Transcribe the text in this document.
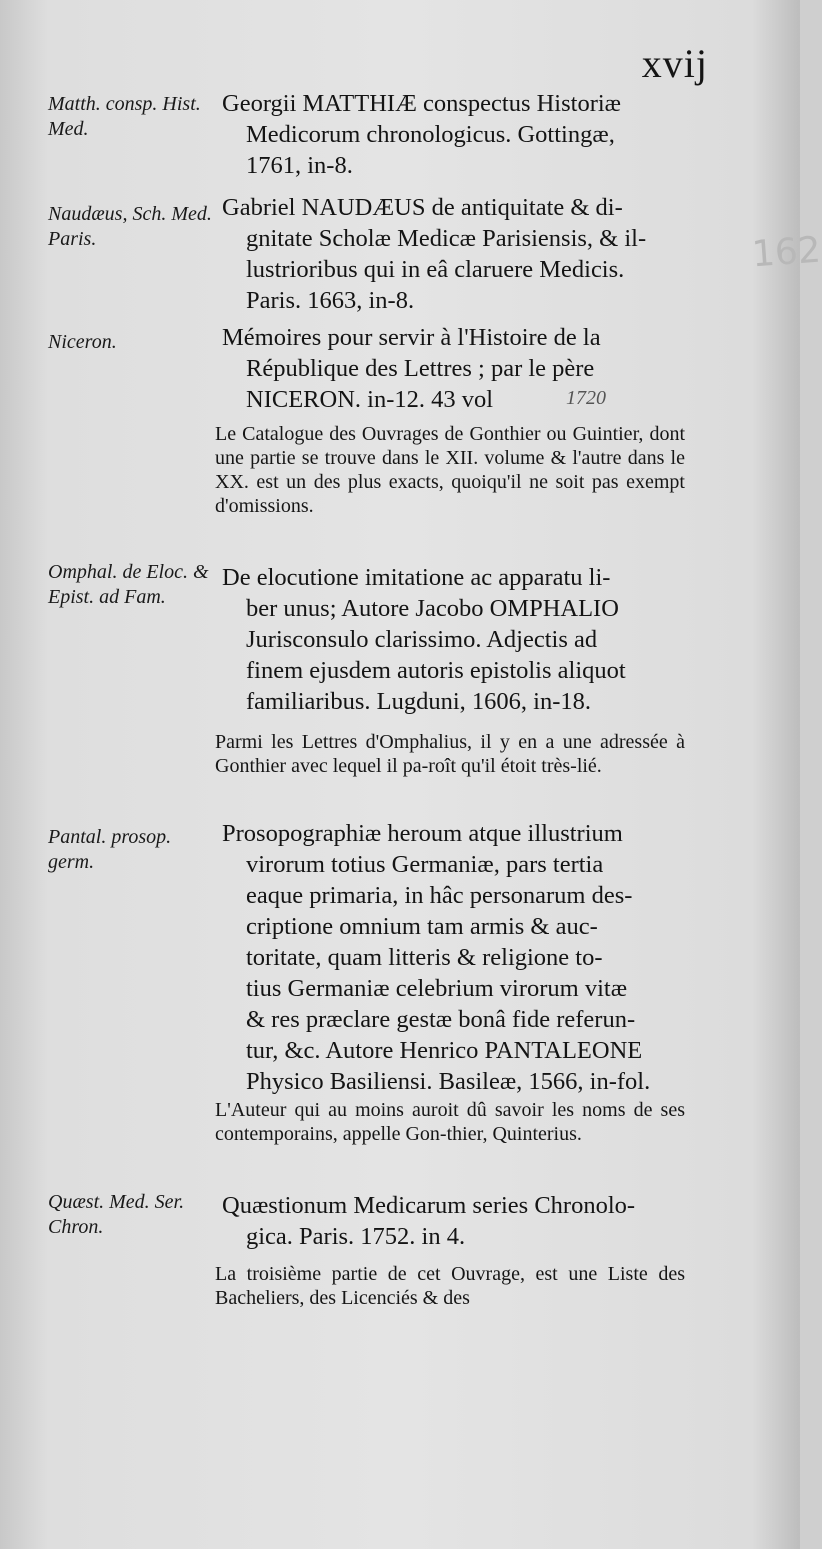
xvij
162
Matth. consp. Hist. Med.
Georgii MATTHIÆ conspectus Historiæ
Medicorum chronologicus. Gottingæ,
1761, in-8.
Naudæus, Sch. Med. Paris.
Gabriel NAUDÆUS de antiquitate & di-
gnitate Scholæ Medicæ Parisiensis, & il-
lustrioribus qui in eâ claruere Medicis.
Paris. 1663, in-8.
Niceron.	Mémoires pour servir à l'Histoire de la
République des Lettres ; par le père
NICERON. in-12. 43 vol	1720
Le Catalogue des Ouvrages de Gonthier ou Guintier, dont une partie se trouve dans le XII. volume & l'autre dans le XX. est un des plus exacts, quoiqu'il ne soit pas exempt d'omissions.
Omphal. de Eloc. & Epist. ad Fam.
De elocutione imitatione ac apparatu li-
ber unus; Autore Jacobo OMPHALIO
Jurisconsulo clarissimo. Adjectis ad
finem ejusdem autoris epistolis aliquot
familiaribus. Lugduni, 1606, in-18.
Parmi les Lettres d'Omphalius, il y en a une adressée à Gonthier avec lequel il pa-roît qu'il étoit très-lié.
Pantal. prosop. germ.
Prosopographiæ heroum atque illustrium
virorum totius Germaniæ, pars tertia
eaque primaria, in hâc personarum des-
criptione omnium tam armis & auc-
toritate, quam litteris & religione to-
tius Germaniæ celebrium virorum vitæ
& res præclare gestæ bonâ fide referun-
tur, &c. Autore Henrico PANTALEONE
Physico Basiliensi. Basileæ, 1566, in-fol.
L'Auteur qui au moins auroit dû savoir les noms de ses contemporains, appelle Gon-thier, Quinterius.
Quæst. Med. Ser. Chron.
Quæstionum Medicarum series Chronolo-
gica. Paris. 1752. in 4.
La troisième partie de cet Ouvrage, est une Liste des Bacheliers, des Licenciés & des
